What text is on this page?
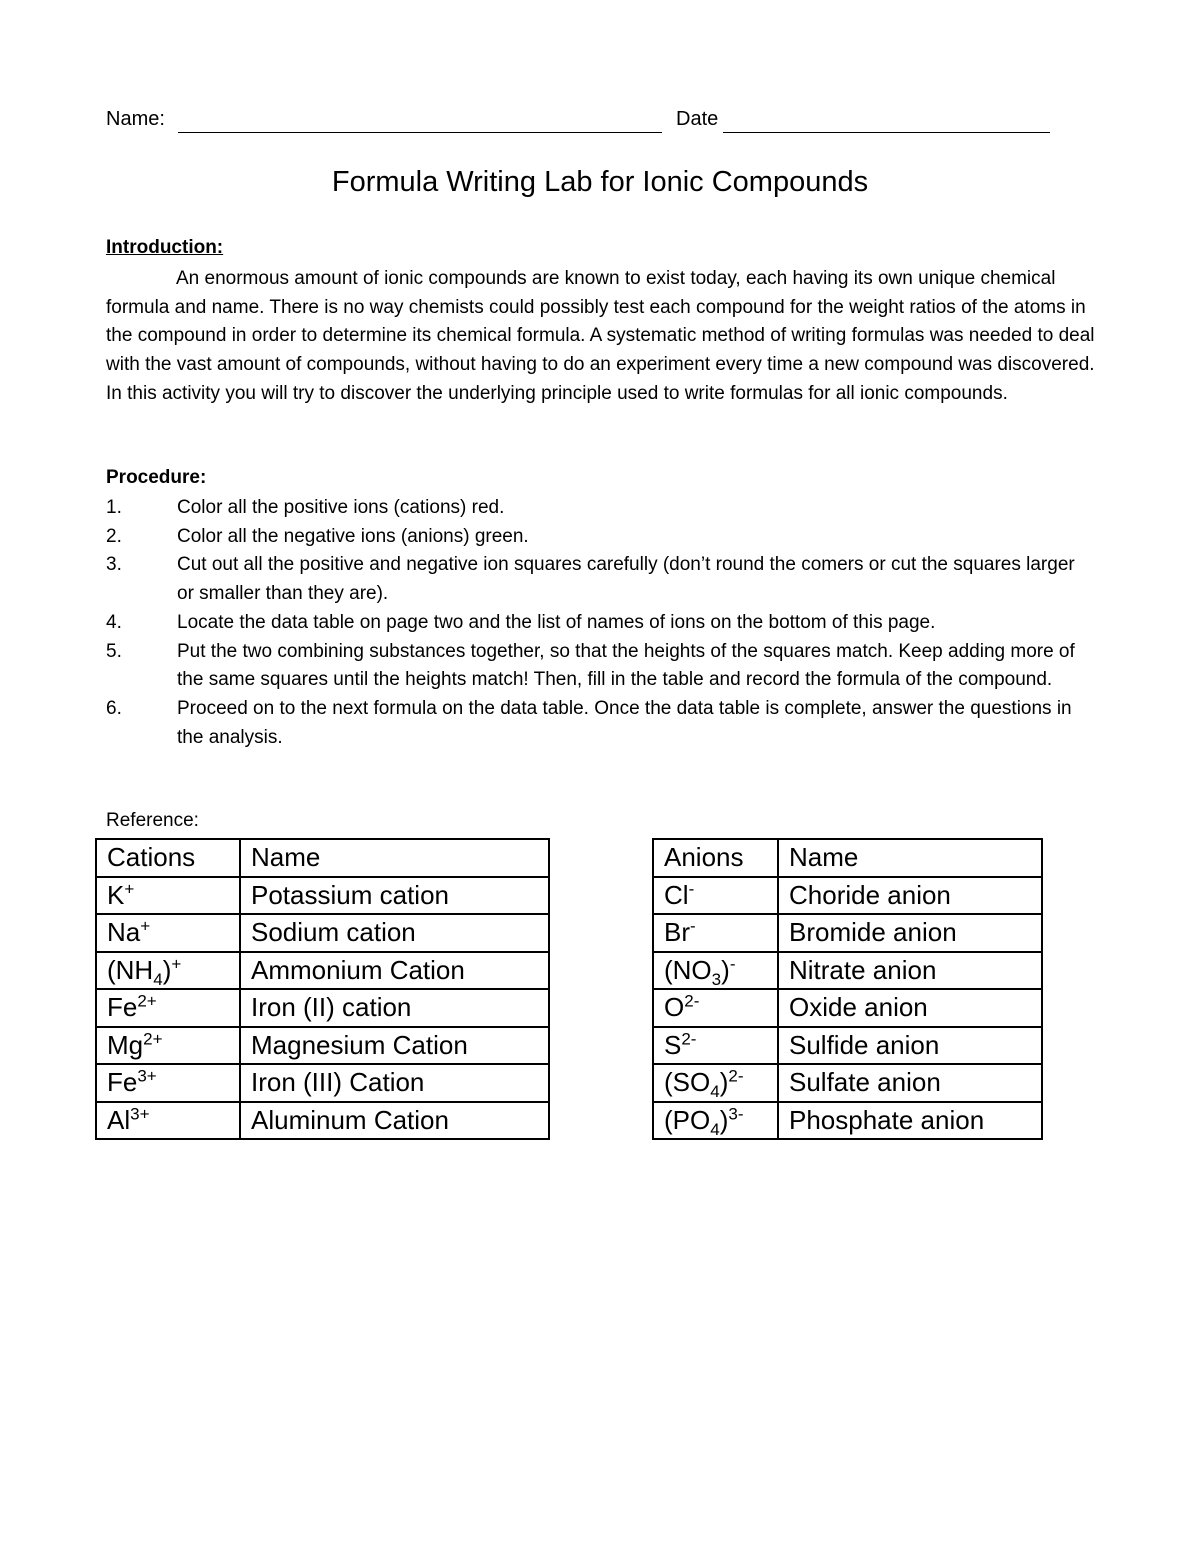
Name:	Date
Formula Writing Lab for Ionic Compounds
Introduction:

An enormous amount of ionic compounds are known to exist today, each having its own unique chemical formula and name. There is no way chemists could possibly test each compound for the weight ratios of the atoms in the compound in order to determine its chemical formula. A systematic method of writing formulas was needed to deal with the vast amount of compounds, without having to do an experiment every time a new compound was discovered. In this activity you will try to discover the underlying principle used to write formulas for all ionic compounds.

Procedure:
1.	Color all the positive ions (cations) red.
2.	Color all the negative ions (anions) green.
3.	Cut out all the positive and negative ion squares carefully (don’t round the comers or cut the squares larger or smaller than they are).
4.	Locate the data table on page two and the list of names of ions on the bottom of this page.
5.	Put the two combining substances together, so that the heights of the squares match. Keep adding more of the same squares until the heights match! Then, fill in the table and record the formula of the compound.
6.	Proceed on to the next formula on the data table. Once the data table is complete, answer the questions in the analysis.
Reference:
Cations	Name
K+	Potassium cation
Na+	Sodium cation
$(NH_4)^+$	Ammonium Cation
$Fe^{2+}$	Iron (II) cation
$Mg^{2+}$	Magnesium Cation
$Fe^{3+}$	Iron (III) Cation
$Al^{3+}$	Aluminum Cation
Anions	Name
Cl-	Choride anion
Br-	Bromide anion
$(NO_3)^-$	Nitrate anion
$O^{2-}$	Oxide anion
$S^{2-}$	Sulfide anion
$(SO_4)^{2-}$	Sulfate anion
$(PO_4)^{3-}$	Phosphate anion
